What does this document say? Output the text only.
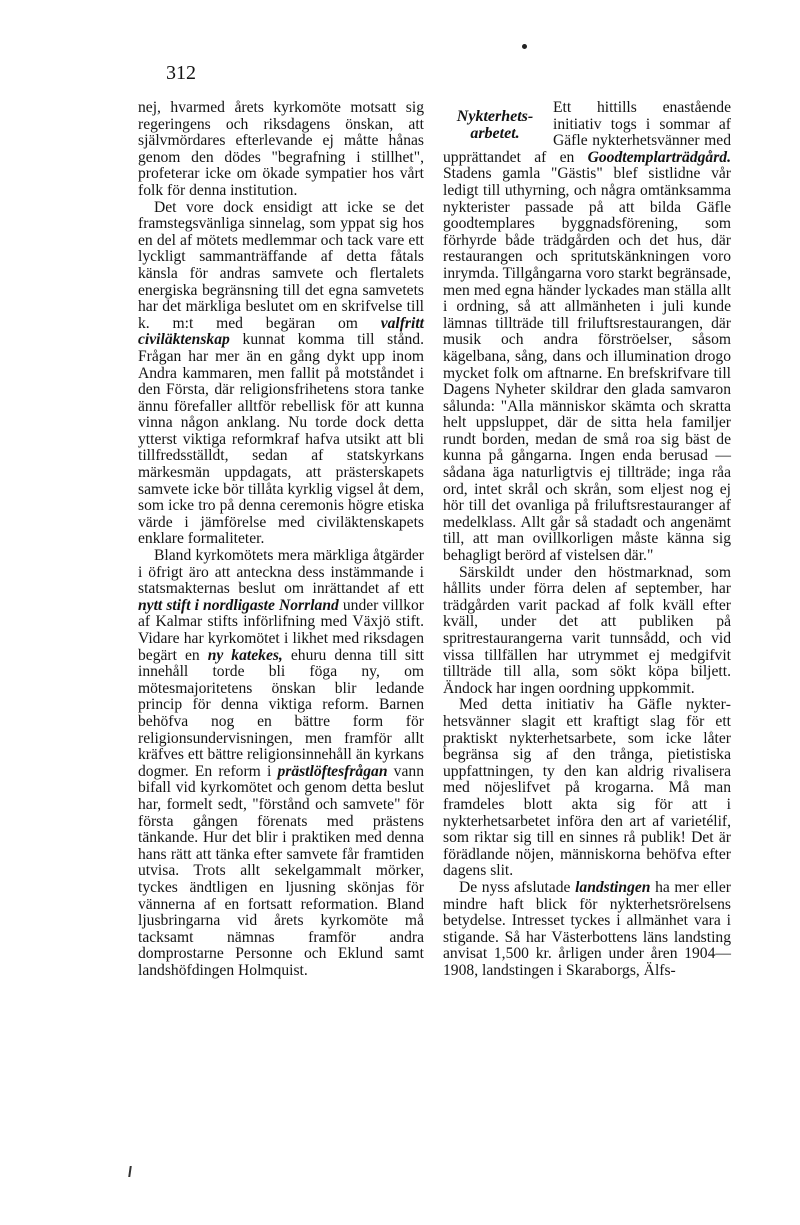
312

nej, hvarmed årets kyrkomöte motsatt sig regeringens och riksdagens önskan, att självmördares efterlevande ej måtte hånas genom den dödes "begrafning i stillhet", profeterar icke om ökade sympatier hos vårt folk för denna institution.

Det vore dock ensidigt att icke se det framstegsvänliga sinnelag, som yppat sig hos en del af mötets medlemmar och tack vare ett lyckligt sammanträffande af detta fåtals känsla för andras samvete och flertalets energiska begränsning till det egna samvetets har det märkliga beslutet om en skrifvelse till k. m:t med begäran om valfritt civiläktenskap kunnat komma till stånd. Frågan har mer än en gång dykt upp inom Andra kammaren, men fallit på motståndet i den Första, där religionsfrihetens stora tanke ännu förefaller alltför rebellisk för att kunna vinna någon anklang. Nu torde dock detta ytterst viktiga reformkraf hafva utsikt att bli tillfredsställdt, sedan af statskyrkans märkesmän uppdagats, att prästerskapets samvete icke bör tillåta kyrklig vigsel åt dem, som icke tro på denna ceremonis högre etiska värde i jämförelse med civiläktenskapets enklare formaliteter.

Bland kyrkomötets mera märkliga åtgärder i öfrigt äro att anteckna dess instämmande i statsmakternas beslut om inrättandet af ett nytt stift i nordligaste Norrland under villkor af Kalmar stifts införlifning med Växjö stift. Vidare har kyrkomötet i likhet med riksdagen begärt en ny katekes, ehuru denna till sitt innehåll torde bli föga ny, om mötesmajoritetens önskan blir ledande princip för denna viktiga reform. Barnen behöfva nog en bättre form för religionsundervisningen, men framför allt kräfves ett bättre religionsinnehåll än kyrkans dogmer. En reform i prästlöftesfrågan vann bifall vid kyrkomötet och genom detta beslut har, formelt sedt, "förstånd och samvete" för första gången förenats med prästens tänkande. Hur det blir i praktiken med denna hans rätt att tänka efter samvete får framtiden utvisa. Trots allt sekelgammalt mörker, tyckes ändtligen en ljusning skönjas för vännerna af en fortsatt reformation. Bland ljusbringarna vid årets kyrkomöte må tacksamt nämnas framför andra domprostarne Personne och Eklund samt landshöfdingen Holmquist.

Nykterhets-
arbetet.

Ett hittills enastående initiativ togs i sommar af Gäfle nykterhetsvänner med upprättandet af en Goodtemplarträdgård. Stadens gamla "Gästis" blef sistlidne vår ledigt till uthyrning, och några omtänksamma nykterister passade på att bilda Gäfle goodtemplares byggnadsförening, som förhyrde både trädgården och det hus, där restaurangen och spritutskänkningen voro inrymda. Tillgångarna voro starkt begränsade, men med egna händer lyckades man ställa allt i ordning, så att allmänheten i juli kunde lämnas tillträde till friluftsrestaurangen, där musik och andra förströelser, såsom kägelbana, sång, dans och illumination drogo mycket folk om aftnarne. En brefskrifvare till Dagens Nyheter skildrar den glada samvaron sålunda: "Alla människor skämta och skratta helt uppsluppet, där de sitta hela familjer rundt borden, medan de små roa sig bäst de kunna på gångarna. Ingen enda berusad — sådana äga naturligtvis ej tillträde; inga råa ord, intet skrål och skrån, som eljest nog ej hör till det ovanliga på friluftsrestauranger af medelklass. Allt går så stadadt och angenämt till, att man ovillkorligen måste känna sig behagligt berörd af vistelsen där."

Särskildt under den höstmarknad, som hållits under förra delen af september, har trädgården varit packad af folk kväll efter kväll, under det att publiken på spritrestaurangerna varit tunnsådd, och vid vissa tillfällen har utrymmet ej medgifvit tillträde till alla, som sökt köpa biljett. Ändock har ingen oordning uppkommit.

Med detta initiativ ha Gäfle nykterhetsvänner slagit ett kraftigt slag för ett praktiskt nykterhetsarbete, som icke låter begränsa sig af den trånga, pietistiska uppfattningen, ty den kan aldrig rivalisera med nöjeslifvet på krogarna. Må man framdeles blott akta sig för att i nykterhetsarbetet införa den art af varietélif, som riktar sig till en sinnes rå publik! Det är förädlande nöjen, människorna behöfva efter dagens slit.

De nyss afslutade landstingen ha mer eller mindre haft blick för nykterhetsrörelsens betydelse. Intresset tyckes i allmänhet vara i stigande. Så har Västerbottens läns landsting anvisat 1,500 kr. årligen under åren 1904—1908, landstingen i Skaraborgs, Älfs-
